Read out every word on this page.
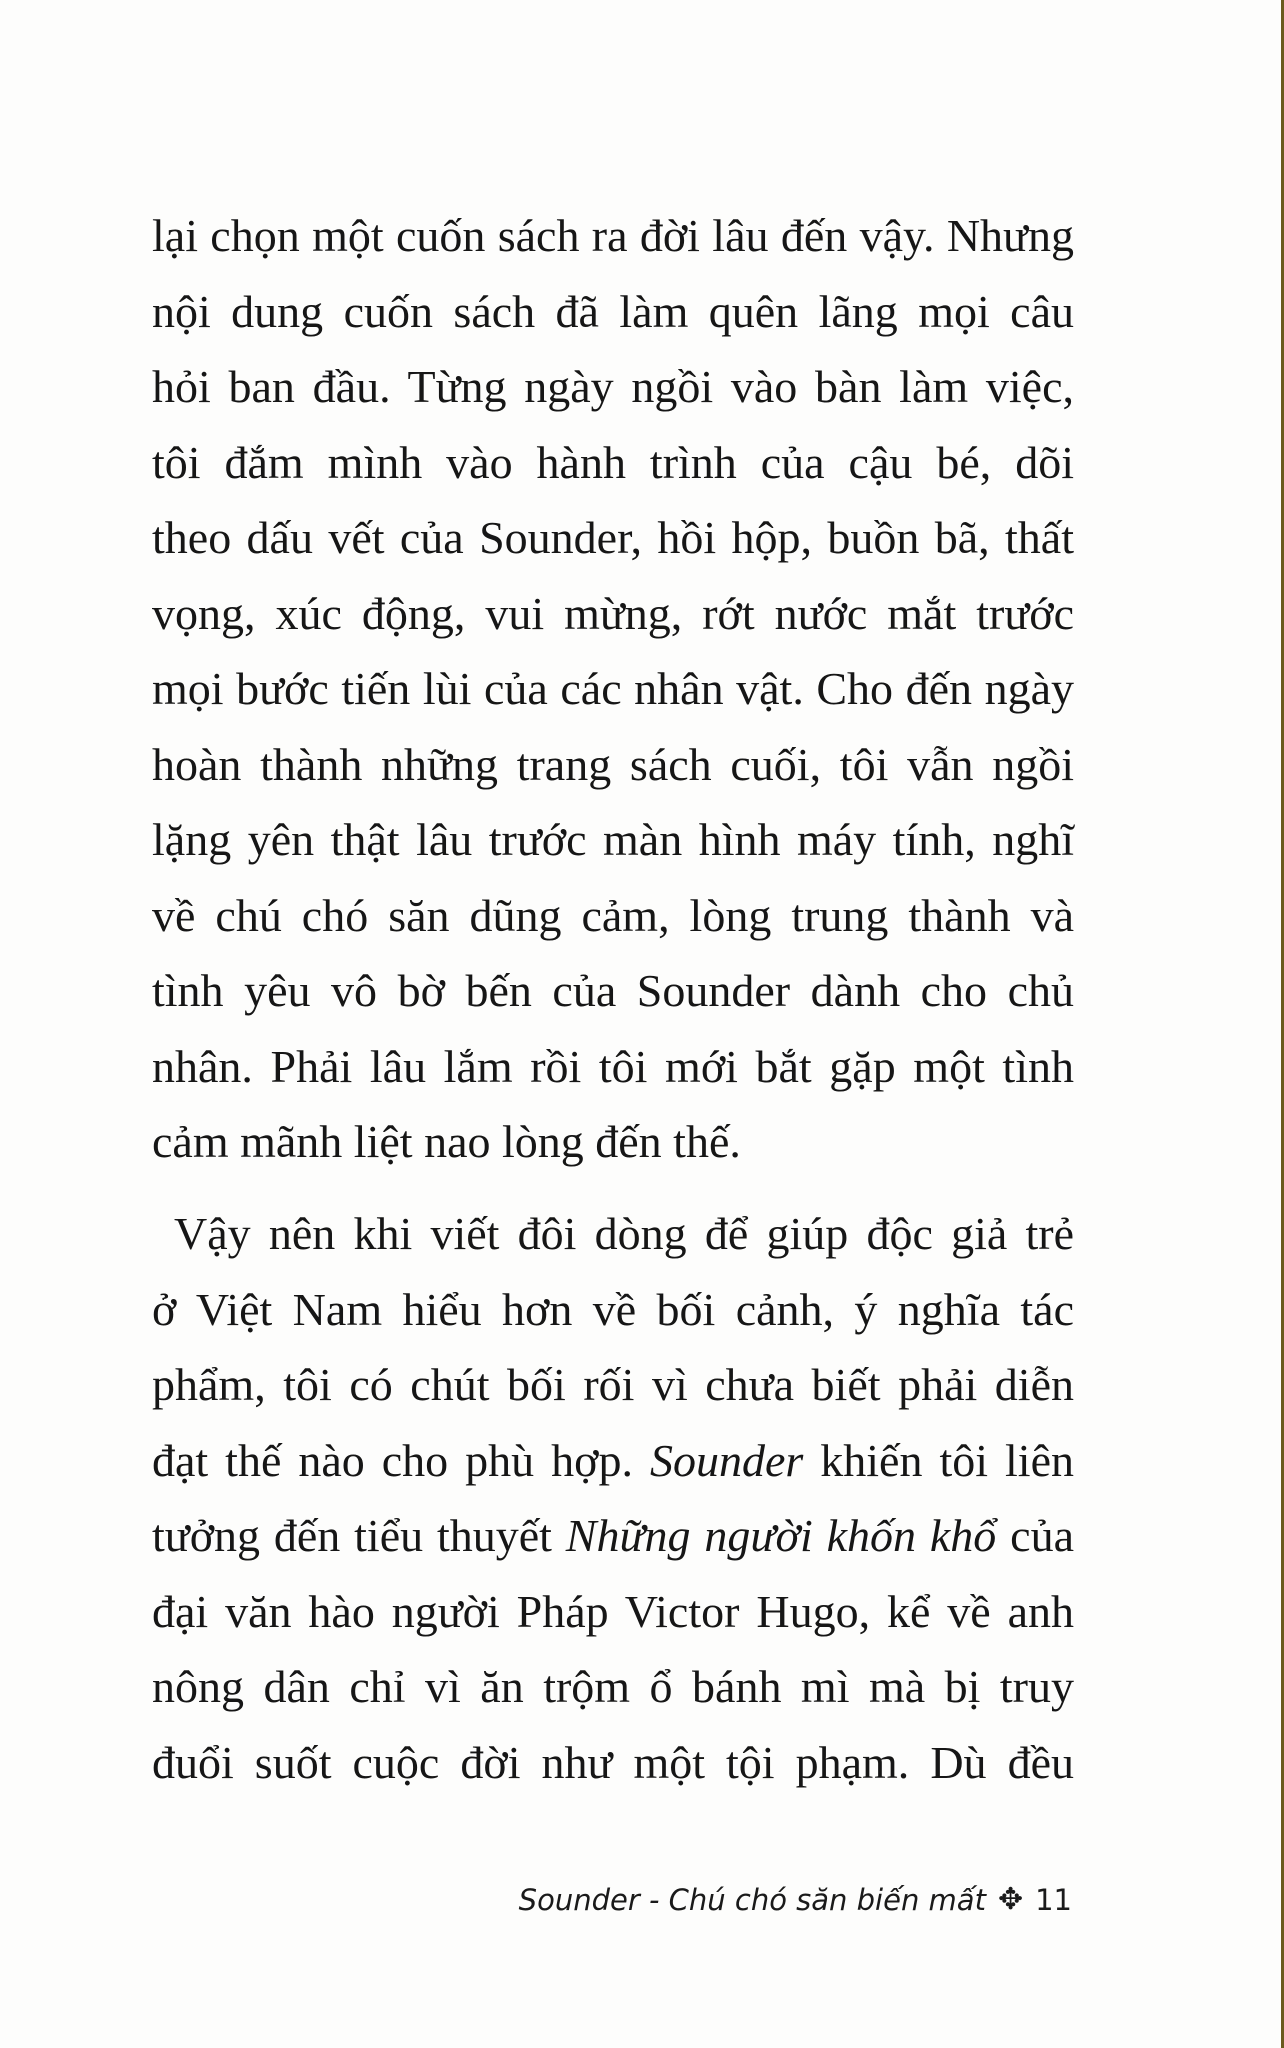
lại chọn một cuốn sách ra đời lâu đến vậy. Nhưng
nội dung cuốn sách đã làm quên lãng mọi câu
hỏi ban đầu. Từng ngày ngồi vào bàn làm việc,
tôi đắm mình vào hành trình của cậu bé, dõi
theo dấu vết của Sounder, hồi hộp, buồn bã, thất
vọng, xúc động, vui mừng, rớt nước mắt trước
mọi bước tiến lùi của các nhân vật. Cho đến ngày
hoàn thành những trang sách cuối, tôi vẫn ngồi
lặng yên thật lâu trước màn hình máy tính, nghĩ
về chú chó săn dũng cảm, lòng trung thành và
tình yêu vô bờ bến của Sounder dành cho chủ
nhân. Phải lâu lắm rồi tôi mới bắt gặp một tình
cảm mãnh liệt nao lòng đến thế.
Vậy nên khi viết đôi dòng để giúp độc giả trẻ
ở Việt Nam hiểu hơn về bối cảnh, ý nghĩa tác
phẩm, tôi có chút bối rối vì chưa biết phải diễn
đạt thế nào cho phù hợp. Sounder khiến tôi liên
tưởng đến tiểu thuyết Những người khốn khổ của
đại văn hào người Pháp Victor Hugo, kể về anh
nông dân chỉ vì ăn trộm ổ bánh mì mà bị truy
đuổi suốt cuộc đời như một tội phạm. Dù đều
Sounder - Chú chó săn biến mất ✥ 11
